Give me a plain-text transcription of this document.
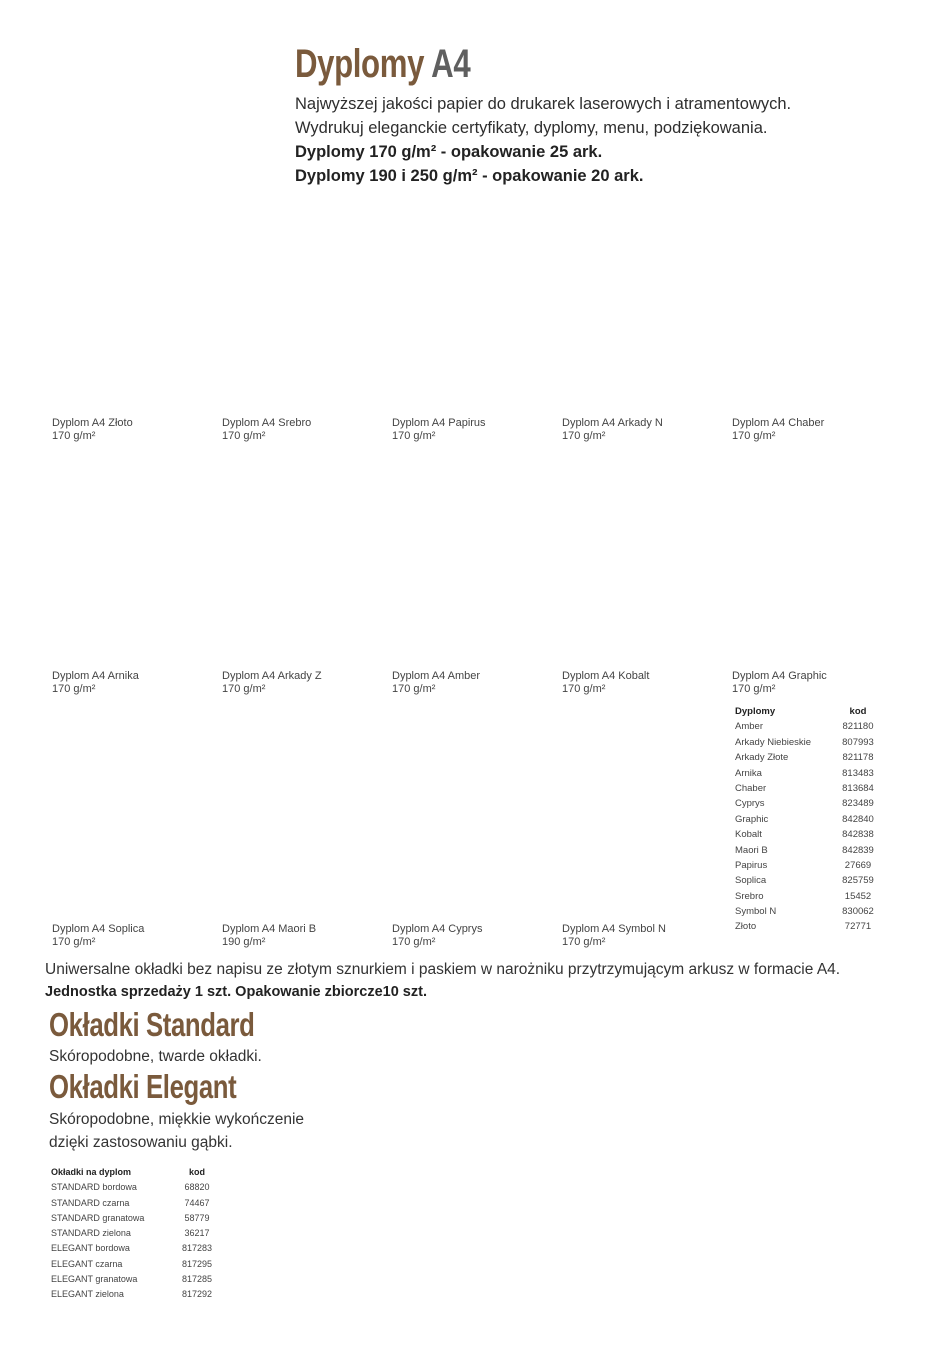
Dyplomy A4
Najwyższej jakości papier do drukarek laserowych i atramentowych.
Wydrukuj eleganckie certyfikaty, dyplomy, menu, podziękowania.
Dyplomy 170 g/m² - opakowanie 25 ark.
Dyplomy 190 i 250 g/m² - opakowanie 20 ark.
Dyplom A4 Złoto
170 g/m²
Dyplom A4 Srebro
170 g/m²
Dyplom A4 Papirus
170 g/m²
Dyplom A4 Arkady N
170 g/m²
Dyplom A4 Chaber
170 g/m²
Dyplom A4 Arnika
170 g/m²
Dyplom A4 Arkady Z
170 g/m²
Dyplom A4 Amber
170 g/m²
Dyplom A4 Kobalt
170 g/m²
Dyplom A4 Graphic
170 g/m²
Dyplom A4 Soplica
170 g/m²
Dyplom A4 Maori B
190 g/m²
Dyplom A4 Cyprys
170 g/m²
Dyplom A4 Symbol N
170 g/m²
Dyplomy	kod
Amber	821180
Arkady Niebieskie	807993
Arkady Złote	821178
Arnika	813483
Chaber	813684
Cyprys	823489
Graphic	842840
Kobalt	842838
Maori B	842839
Papirus	27669
Soplica	825759
Srebro	15452
Symbol N	830062
Złoto	72771
Uniwersalne okładki bez napisu ze złotym sznurkiem i paskiem w narożniku przytrzymującym arkusz w formacie A4.
Jednostka sprzedaży 1 szt. Opakowanie zbiorcze10 szt.
Okładki Standard
Skóropodobne, twarde okładki.
Okładki Elegant
Skóropodobne, miękkie wykończenie
dzięki zastosowaniu gąbki.
Okładki na dyplom	kod
STANDARD bordowa	68820
STANDARD czarna	74467
STANDARD granatowa	58779
STANDARD zielona	36217
ELEGANT bordowa	817283
ELEGANT czarna	817295
ELEGANT granatowa	817285
ELEGANT zielona	817292
